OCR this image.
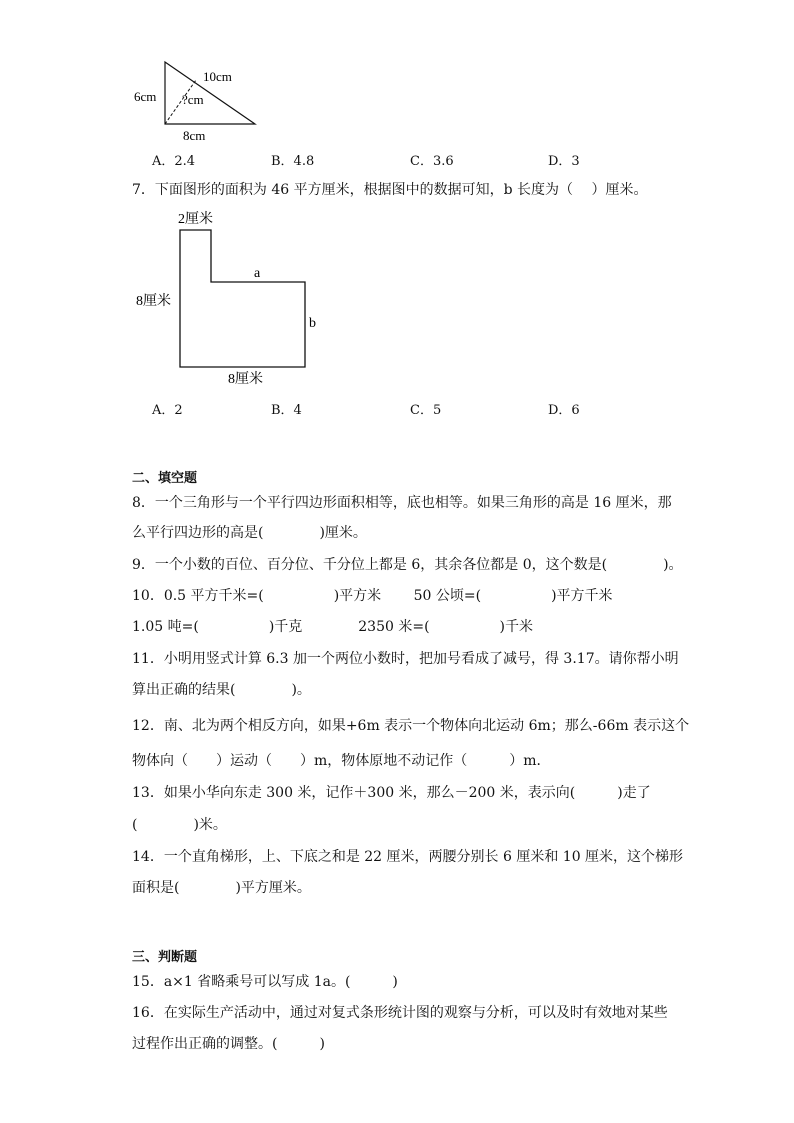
10cm
6cm ?cm
8cm
A．2.4	B．4.8	C．3.6	D．3
7．下面图形的面积为 46 平方厘米，根据图中的数据可知，b 长度为（　 ）厘米。
2厘米
8厘米
a
b
8厘米
A．2	B．4	C．5	D．6
二、填空题
8．一个三角形与一个平行四边形面积相等，底也相等。如果三角形的高是 16 厘米，那
么平行四边形的高是(　　　　)厘米。
9．一个小数的百位、百分位、千分位上都是 6，其余各位都是 0，这个数是(　　　　)。
10．0.5 平方千米=(　　　　　)平方米　　 50 公顷=(　　　　　)平方千米
1.05 吨=(　　　　　)千克　　　　2350 米=(　　　　　)千米
11．小明用竖式计算 6.3 加一个两位小数时，把加号看成了减号，得 3.17。请你帮小明
算出正确的结果(　　　　)。
12．南、北为两个相反方向，如果+6m 表示一个物体向北运动 6m；那么-66m 表示这个
物体向（　　）运动（　　）m，物体原地不动记作（　　　）m．
13．如果小华向东走 300 米，记作＋300 米，那么－200 米，表示向(　　　)走了
(　　　　)米。
14．一个直角梯形，上、下底之和是 22 厘米，两腰分别长 6 厘米和 10 厘米，这个梯形
面积是(　　　　)平方厘米。
三、判断题
15．a×1 省略乘号可以写成 1a。(　　　)
16．在实际生产活动中，通过对复式条形统计图的观察与分析，可以及时有效地对某些
过程作出正确的调整。(　　　)
